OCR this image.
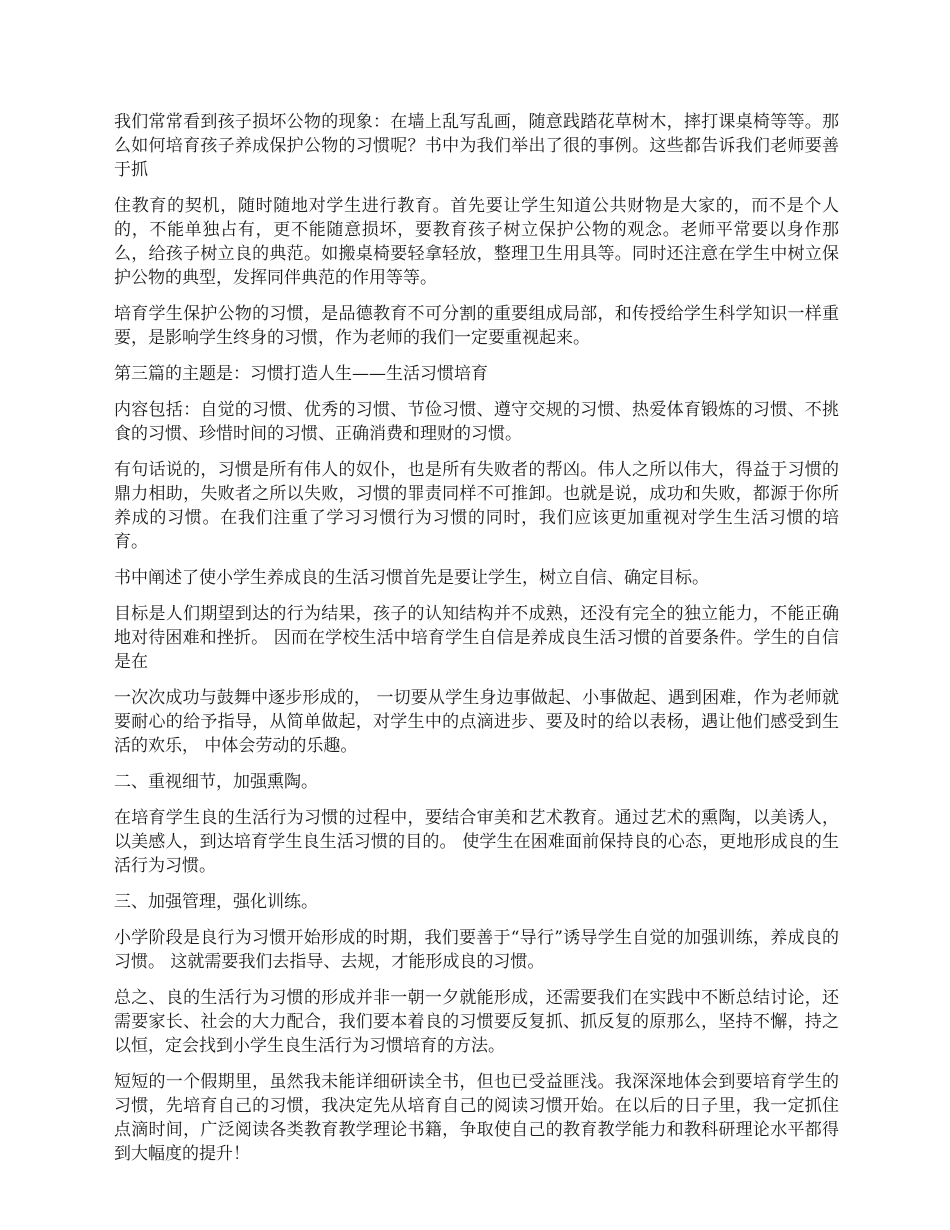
我们常常看到孩子损坏公物的现象：在墙上乱写乱画，随意践踏花草树木，摔打课桌椅等等。那么如何培育孩子养成保护公物的习惯呢？书中为我们举出了很的事例。这些都告诉我们老师要善于抓

住教育的契机，随时随地对学生进行教育。首先要让学生知道公共财物是大家的，而不是个人的，不能单独占有，更不能随意损坏，要教育孩子树立保护公物的观念。老师平常要以身作那么，给孩子树立良的典范。如搬桌椅要轻拿轻放，整理卫生用具等。同时还注意在学生中树立保护公物的典型，发挥同伴典范的作用等等。

培育学生保护公物的习惯，是品德教育不可分割的重要组成局部，和传授给学生科学知识一样重要，是影响学生终身的习惯，作为老师的我们一定要重视起来。

第三篇的主题是：习惯打造人生——生活习惯培育

内容包括：自觉的习惯、优秀的习惯、节俭习惯、遵守交规的习惯、热爱体育锻炼的习惯、不挑食的习惯、珍惜时间的习惯、正确消费和理财的习惯。

有句话说的，习惯是所有伟人的奴仆，也是所有失败者的帮凶。伟人之所以伟大，得益于习惯的鼎力相助，失败者之所以失败，习惯的罪责同样不可推卸。也就是说，成功和失败，都源于你所养成的习惯。在我们注重了学习习惯行为习惯的同时，我们应该更加重视对学生生活习惯的培育。

书中阐述了使小学生养成良的生活习惯首先是要让学生，树立自信、确定目标。

目标是人们期望到达的行为结果，孩子的认知结构并不成熟，还没有完全的独立能力，不能正确地对待困难和挫折。 因而在学校生活中培育学生自信是养成良生活习惯的首要条件。学生的自信是在

一次次成功与鼓舞中逐步形成的， 一切要从学生身边事做起、小事做起、遇到困难，作为老师就要耐心的给予指导，从简单做起，对学生中的点滴进步、要及时的给以表杨，遇让他们感受到生活的欢乐， 中体会劳动的乐趣。

二、重视细节，加强熏陶。

在培育学生良的生活行为习惯的过程中，要结合审美和艺术教育。通过艺术的熏陶，以美诱人，以美感人，到达培育学生良生活习惯的目的。 使学生在困难面前保持良的心态，更地形成良的生活行为习惯。

三、加强管理，强化训练。

小学阶段是良行为习惯开始形成的时期，我们要善于“导行”诱导学生自觉的加强训练，养成良的习惯。 这就需要我们去指导、去规，才能形成良的习惯。

总之、良的生活行为习惯的形成并非一朝一夕就能形成，还需要我们在实践中不断总结讨论，还需要家长、社会的大力配合，我们要本着良的习惯要反复抓、抓反复的原那么，坚持不懈，持之以恒，定会找到小学生良生活行为习惯培育的方法。

短短的一个假期里，虽然我未能详细研读全书，但也已受益匪浅。我深深地体会到要培育学生的习惯，先培育自己的习惯，我决定先从培育自己的阅读习惯开始。在以后的日子里，我一定抓住点滴时间，广泛阅读各类教育教学理论书籍，争取使自己的教育教学能力和教科研理论水平都得到大幅度的提升！
